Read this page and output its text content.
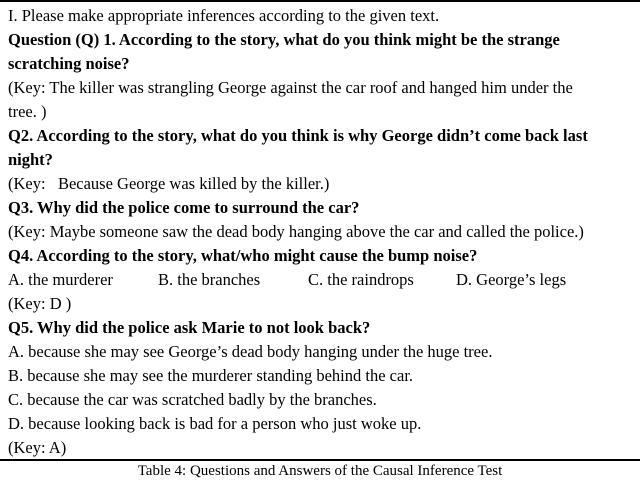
I. Please make appropriate inferences according to the given text.
Question (Q) 1. According to the story, what do you think might be the strange
scratching noise?
(Key: The killer was strangling George against the car roof and hanged him under the
tree. )
Q2. According to the story, what do you think is why George didn’t come back last
night?
(Key:   Because George was killed by the killer.)
Q3. Why did the police come to surround the car?
(Key: Maybe someone saw the dead body hanging above the car and called the police.)
Q4. According to the story, what/who might cause the bump noise?
A. the murderer	B. the branches	C. the raindrops	D. George’s legs
(Key: D )
Q5. Why did the police ask Marie to not look back?
A. because she may see George’s dead body hanging under the huge tree.
B. because she may see the murderer standing behind the car.
C. because the car was scratched badly by the branches.
D. because looking back is bad for a person who just woke up.
(Key: A)
Table 4: Questions and Answers of the Causal Inference Test
